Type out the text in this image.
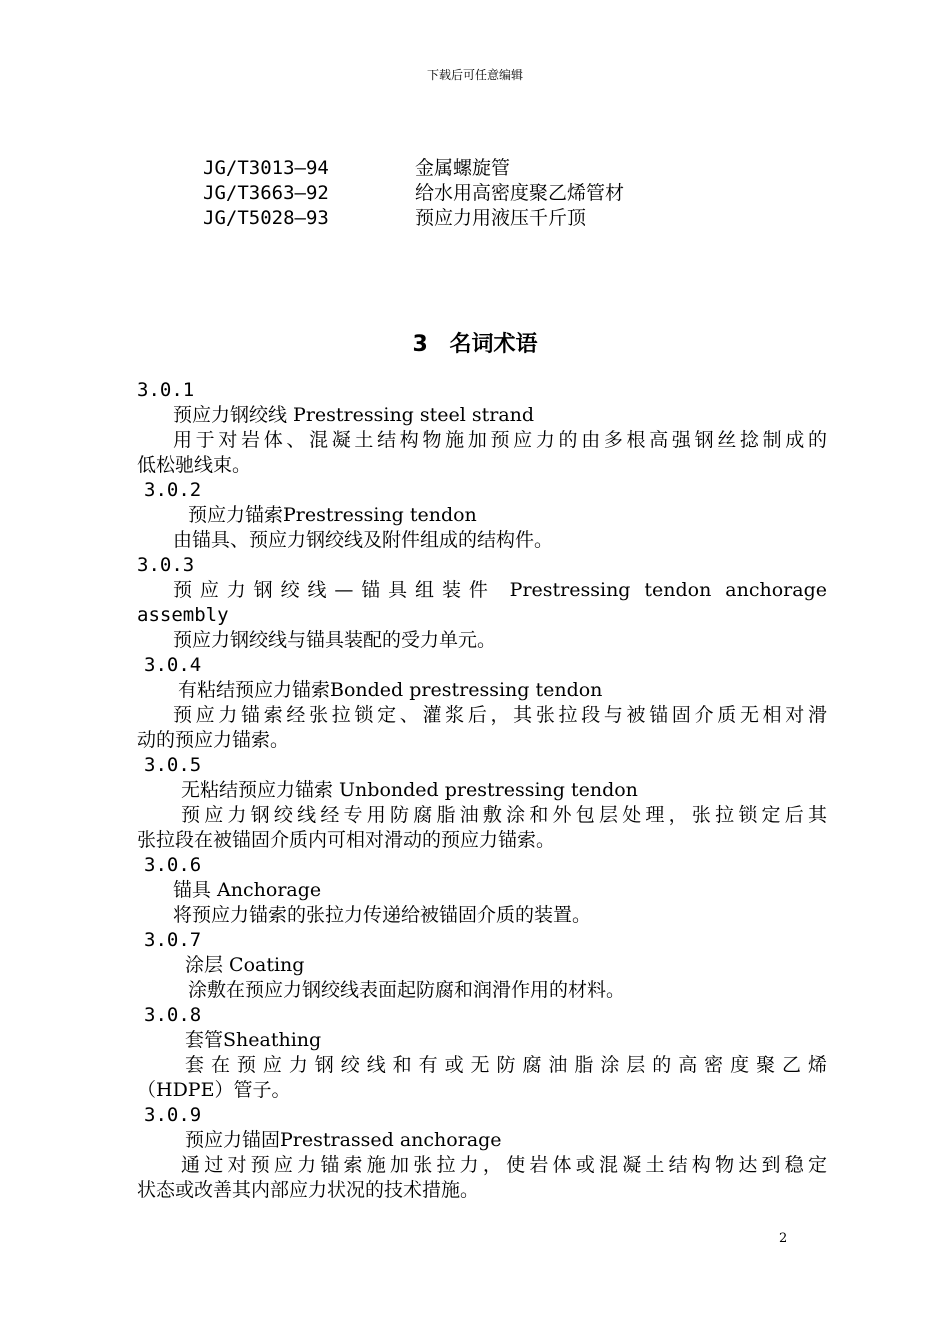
下载后可任意编辑
JG/T3013—94	金属螺旋管
JG/T3663—92	给水用高密度聚乙烯管材
JG/T5028—93	预应力用液压千斤顶
3 名词术语
3.0.1
预应力钢绞线 Prestressing steel strand
用于对岩体、混凝土结构物施加预应力的由多根高强钢丝捻制成的
低松驰线束。
3.0.2
预应力锚索Prestressing tendon
由锚具、预应力钢绞线及附件组成的结构件。
3.0.3
预应力钢绞线—锚具组装件 Prestressing tendon anchorage
assembly
预应力钢绞线与锚具装配的受力单元。
3.0.4
有粘结预应力锚索Bonded prestressing tendon
预应力锚索经张拉锁定、灌浆后，其张拉段与被锚固介质无相对滑
动的预应力锚索。
3.0.5
无粘结预应力锚索 Unbonded prestressing tendon
预应力钢绞线经专用防腐脂油敷涂和外包层处理，张拉锁定后其
张拉段在被锚固介质内可相对滑动的预应力锚索。
3.0.6
锚具 Anchorage
将预应力锚索的张拉力传递给被锚固介质的装置。
3.0.7
涂层 Coating
涂敷在预应力钢绞线表面起防腐和润滑作用的材料。
3.0.8
套管Sheathing
套在预应力钢绞线和有或无防腐油脂涂层的高密度聚乙烯
（HDPE）管子。
3.0.9
预应力锚固Prestrassed anchorage
通过对预应力锚索施加张拉力，使岩体或混凝土结构物达到稳定
状态或改善其内部应力状况的技术措施。
2
